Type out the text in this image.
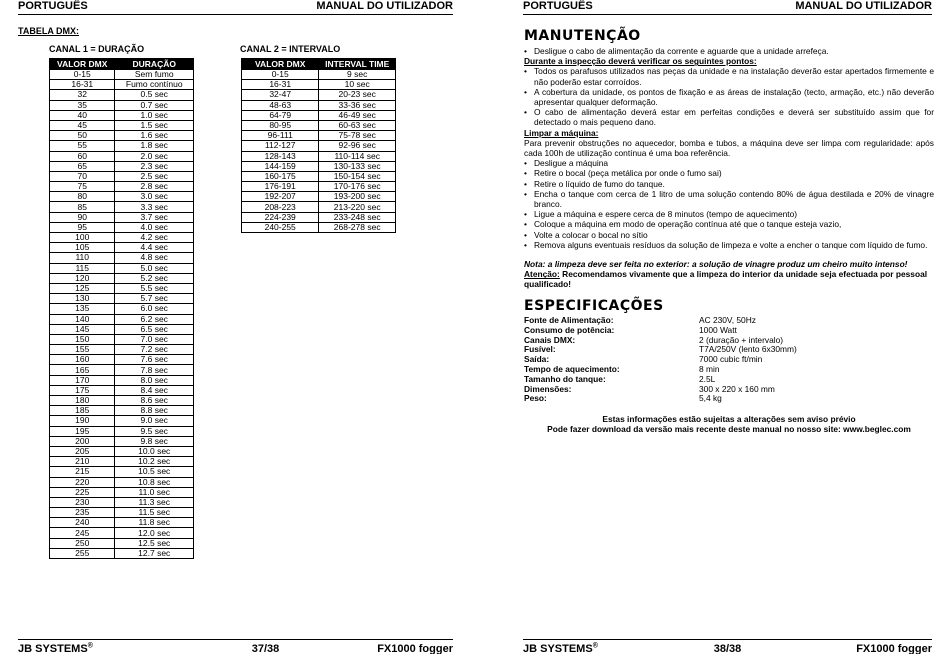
PORTUGUÊS	MANUAL DO UTILIZADOR
TABELA DMX:
CANAL 1 = DURAÇÃO	CANAL 2 = INTERVALO
VALOR DMX	DURAÇÃO
0-15	Sem fumo
16-31	Fumo contínuo
32	0.5 sec
35	0.7 sec
40	1.0 sec
45	1.5 sec
50	1.6 sec
55	1.8 sec
60	2.0 sec
65	2.3 sec
70	2.5 sec
75	2.8 sec
80	3.0 sec
85	3.3 sec
90	3.7 sec
95	4.0 sec
100	4.2 sec
105	4.4 sec
110	4.8 sec
115	5.0 sec
120	5.2 sec
125	5.5 sec
130	5.7 sec
135	6.0 sec
140	6.2 sec
145	6.5 sec
150	7.0 sec
155	7.2 sec
160	7.6 sec
165	7.8 sec
170	8.0 sec
175	8.4 sec
180	8.6 sec
185	8.8 sec
190	9.0 sec
195	9.5 sec
200	9.8 sec
205	10.0 sec
210	10.2 sec
215	10.5 sec
220	10.8 sec
225	11.0 sec
230	11.3 sec
235	11.5 sec
240	11.8 sec
245	12.0 sec
250	12.5 sec
255	12.7 sec
VALOR DMX	INTERVAL TIME
0-15	9 sec
16-31	10 sec
32-47	20-23 sec
48-63	33-36 sec
64-79	46-49 sec
80-95	60-63 sec
96-111	75-78 sec
112-127	92-96 sec
128-143	110-114 sec
144-159	130-133 sec
160-175	150-154 sec
176-191	170-176 sec
192-207	193-200 sec
208-223	213-220 sec
224-239	233-248 sec
240-255	268-278 sec
JB SYSTEMS®	37/38	FX1000 fogger
PORTUGUÊS	MANUAL DO UTILIZADOR
JB SYSTEMS®	38/38	FX1000 fogger
MANUTENÇÃO
• Desligue o cabo de alimentação da corrente e aguarde que a unidade arrefeça.
Durante a inspecção deverá verificar os seguintes pontos:
• Todos os parafusos utilizados nas peças da unidade e na instalação deverão estar apertados firmemente e não poderão estar corroídos.
• A cobertura da unidade, os pontos de fixação e as áreas de instalação (tecto, armação, etc.) não deverão apresentar qualquer deformação.
• O cabo de alimentação deverá estar em perfeitas condições e deverá ser substituído assim que for detectado o mais pequeno dano.
Limpar a máquina:
Para prevenir obstruções no aquecedor, bomba e tubos, a máquina deve ser limpa com regularidade: após cada 100h de utilização contínua é uma boa referência.
• Desligue a máquina
• Retire o bocal (peça metálica por onde o fumo sai)
• Retire o líquido de fumo do tanque.
• Encha o tanque com cerca de 1 litro de uma solução contendo 80% de água destilada e 20% de vinagre branco.
• Ligue a máquina e espere cerca de 8 minutos (tempo de aquecimento)
• Coloque a máquina em modo de operação contínua até que o tanque esteja vazio,
• Volte a colocar o bocal no sítio
• Remova alguns eventuais resíduos da solução de limpeza e volte a encher o tanque com líquido de fumo.
Nota: a limpeza deve ser feita no exterior: a solução de vinagre produz um cheiro muito intenso!
Atenção: Recomendamos vivamente que a limpeza do interior da unidade seja efectuada por pessoal qualificado!
ESPECIFICAÇÕES
Fonte de Alimentação:	AC 230V, 50Hz
Consumo de potência:	1000 Watt
Canais DMX:	2 (duração + intervalo)
Fusível:	T7A/250V (lento 6x30mm)
Saída:	7000 cubic ft/min
Tempo de aquecimento:	8 min
Tamanho do tanque:	2.5L
Dimensões:	300 x 220 x 160 mm
Peso:	5,4 kg
Estas informações estão sujeitas a alterações sem aviso prévio
Pode fazer download da versão mais recente deste manual no nosso site: www.beglec.com
